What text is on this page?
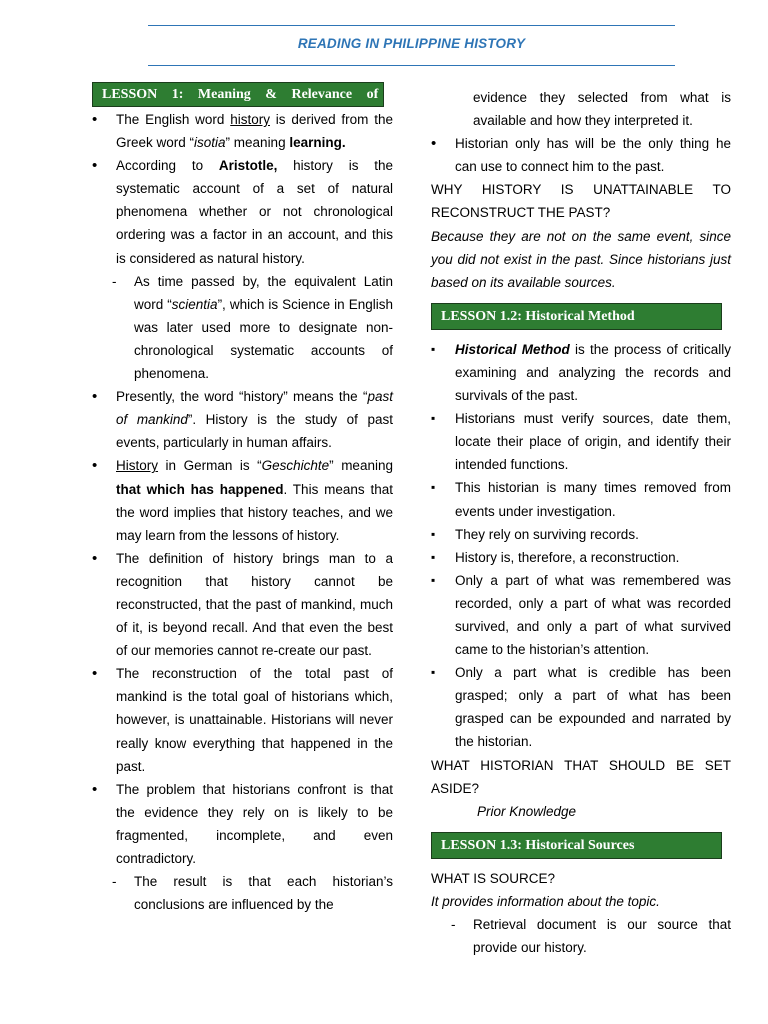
READING IN PHILIPPINE HISTORY
LESSON 1: Meaning & Relevance of
• The English word history is derived from the Greek word “isotia” meaning learning.
• According to Aristotle, history is the systematic account of a set of natural phenomena whether or not chronological ordering was a factor in an account, and this is considered as natural history.
- As time passed by, the equivalent Latin word “scientia”, which is Science in English was later used more to designate non-chronological systematic accounts of phenomena.
• Presently, the word “history” means the “past of mankind”. History is the study of past events, particularly in human affairs.
• History in German is “Geschichte” meaning that which has happened. This means that the word implies that history teaches, and we may learn from the lessons of history.
• The definition of history brings man to a recognition that history cannot be reconstructed, that the past of mankind, much of it, is beyond recall. And that even the best of our memories cannot re-create our past.
• The reconstruction of the total past of mankind is the total goal of historians which, however, is unattainable. Historians will never really know everything that happened in the past.
• The problem that historians confront is that the evidence they rely on is likely to be fragmented, incomplete, and even contradictory.
- The result is that each historian’s conclusions are influenced by the
evidence they selected from what is available and how they interpreted it.
• Historian only has will be the only thing he can use to connect him to the past.
WHY HISTORY IS UNATTAINABLE TO RECONSTRUCT THE PAST?
Because they are not on the same event, since you did not exist in the past. Since historians just based on its available sources.
LESSON 1.2: Historical Method
▪ Historical Method is the process of critically examining and analyzing the records and survivals of the past.
▪ Historians must verify sources, date them, locate their place of origin, and identify their intended functions.
▪ This historian is many times removed from events under investigation.
▪ They rely on surviving records.
▪ History is, therefore, a reconstruction.
▪ Only a part of what was remembered was recorded, only a part of what was recorded survived, and only a part of what survived came to the historian’s attention.
▪ Only a part what is credible has been grasped; only a part of what has been grasped can be expounded and narrated by the historian.
WHAT HISTORIAN THAT SHOULD BE SET ASIDE?
Prior Knowledge
LESSON 1.3: Historical Sources
WHAT IS SOURCE?
It provides information about the topic.
- Retrieval document is our source that provide our history.
